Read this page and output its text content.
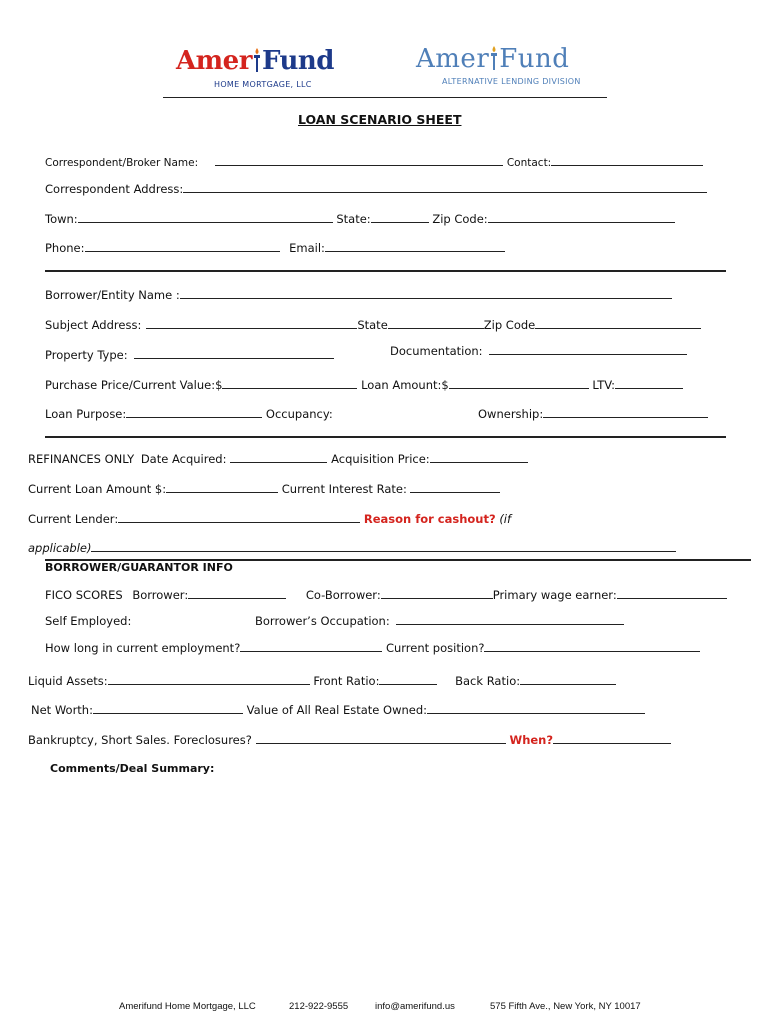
Amer Fund
HOME MORTGAGE, LLC
Amer Fund
ALTERNATIVE LENDING DIVISION
LOAN SCENARIO SHEET
Correspondent/Broker Name:	Contact:
Correspondent Address:
Town:	State:	Zip Code:
Phone:	Email:
Borrower/Entity Name :
Subject Address:	State	Zip Code
Property Type:	Documentation:
Purchase Price/Current Value:$	Loan Amount:$	LTV:
Loan Purpose:	Occupancy:	Ownership:
REFINANCES ONLY Date Acquired:	Acquisition Price:
Current Loan Amount $:	Current Interest Rate:
Current Lender:	Reason for cashout? (if
applicable)
BORROWER/GUARANTOR INFO
FICO SCORES Borrower:	Co-Borrower:	Primary wage earner:
Self Employed:	Borrower’s Occupation:
How long in current employment?	Current position?
Liquid Assets:	Front Ratio:	Back Ratio:
Net Worth:	Value of All Real Estate Owned:
Bankruptcy, Short Sales. Foreclosures?	When?
Comments/Deal Summary:
Amerifund Home Mortgage, LLC	212-922-9555	info@amerifund.us	575 Fifth Ave., New York, NY 10017
